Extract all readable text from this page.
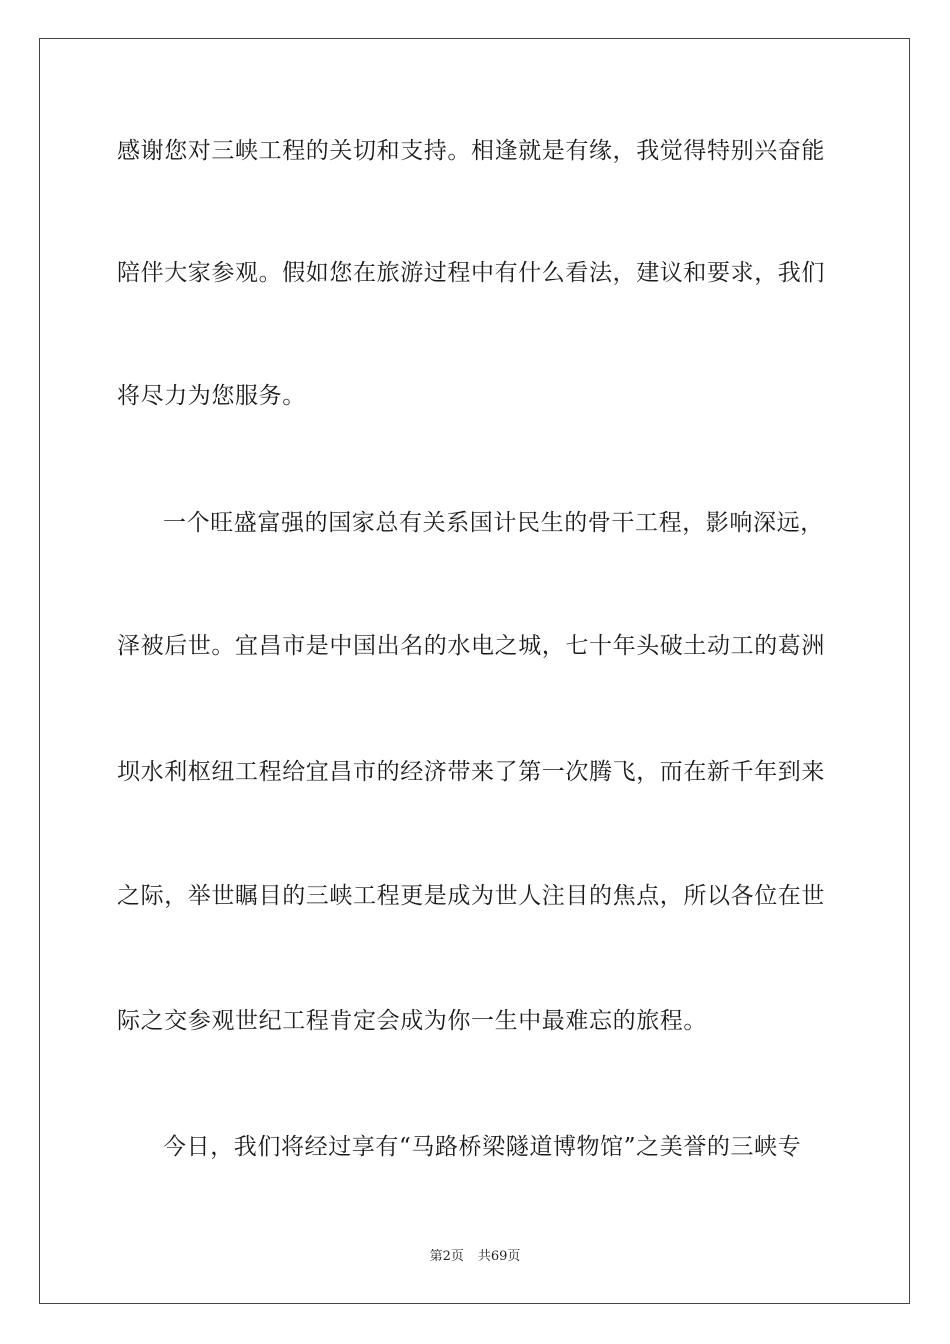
感谢您对三峡工程的关切和支持。相逢就是有缘，我觉得特别兴奋能
陪伴大家参观。假如您在旅游过程中有什么看法，建议和要求，我们
将尽力为您服务。
一个旺盛富强的国家总有关系国计民生的骨干工程，影响深远，
泽被后世。宜昌市是中国出名的水电之城，七十年头破土动工的葛洲
坝水利枢纽工程给宜昌市的经济带来了第一次腾飞，而在新千年到来
之际，举世瞩目的三峡工程更是成为世人注目的焦点，所以各位在世
际之交参观世纪工程肯定会成为你一生中最难忘的旅程。
今日，我们将经过享有“马路桥梁隧道博物馆”之美誉的三峡专
第2页 共69页
